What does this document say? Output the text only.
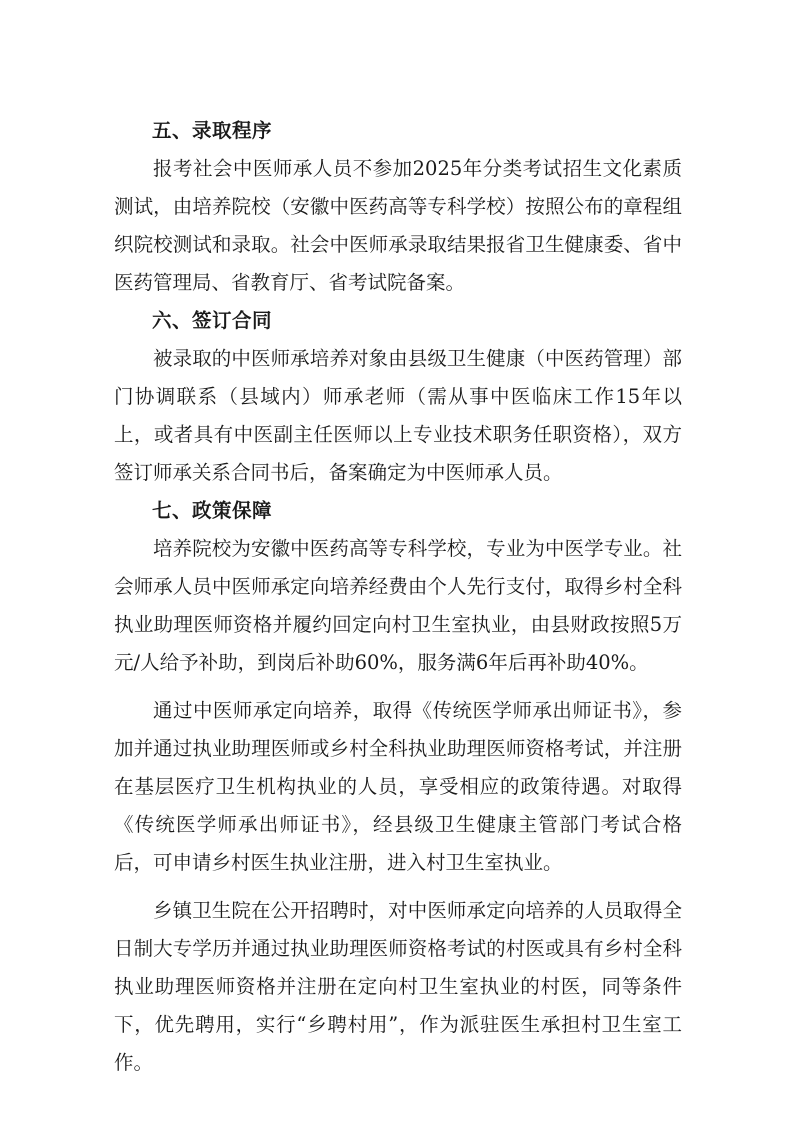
五、录取程序

报考社会中医师承人员不参加2025年分类考试招生文化素质测试，由培养院校（安徽中医药高等专科学校）按照公布的章程组织院校测试和录取。社会中医师承录取结果报省卫生健康委、省中医药管理局、省教育厅、省考试院备案。

六、签订合同

被录取的中医师承培养对象由县级卫生健康（中医药管理）部门协调联系（县域内）师承老师（需从事中医临床工作15年以上，或者具有中医副主任医师以上专业技术职务任职资格），双方签订师承关系合同书后，备案确定为中医师承人员。

七、政策保障

培养院校为安徽中医药高等专科学校，专业为中医学专业。社会师承人员中医师承定向培养经费由个人先行支付，取得乡村全科执业助理医师资格并履约回定向村卫生室执业，由县财政按照5万元/人给予补助，到岗后补助60%，服务满6年后再补助40%。

通过中医师承定向培养，取得《传统医学师承出师证书》，参加并通过执业助理医师或乡村全科执业助理医师资格考试，并注册在基层医疗卫生机构执业的人员，享受相应的政策待遇。对取得《传统医学师承出师证书》，经县级卫生健康主管部门考试合格后，可申请乡村医生执业注册，进入村卫生室执业。

乡镇卫生院在公开招聘时，对中医师承定向培养的人员取得全日制大专学历并通过执业助理医师资格考试的村医或具有乡村全科执业助理医师资格并注册在定向村卫生室执业的村医，同等条件下，优先聘用，实行“乡聘村用”，作为派驻医生承担村卫生室工作。
